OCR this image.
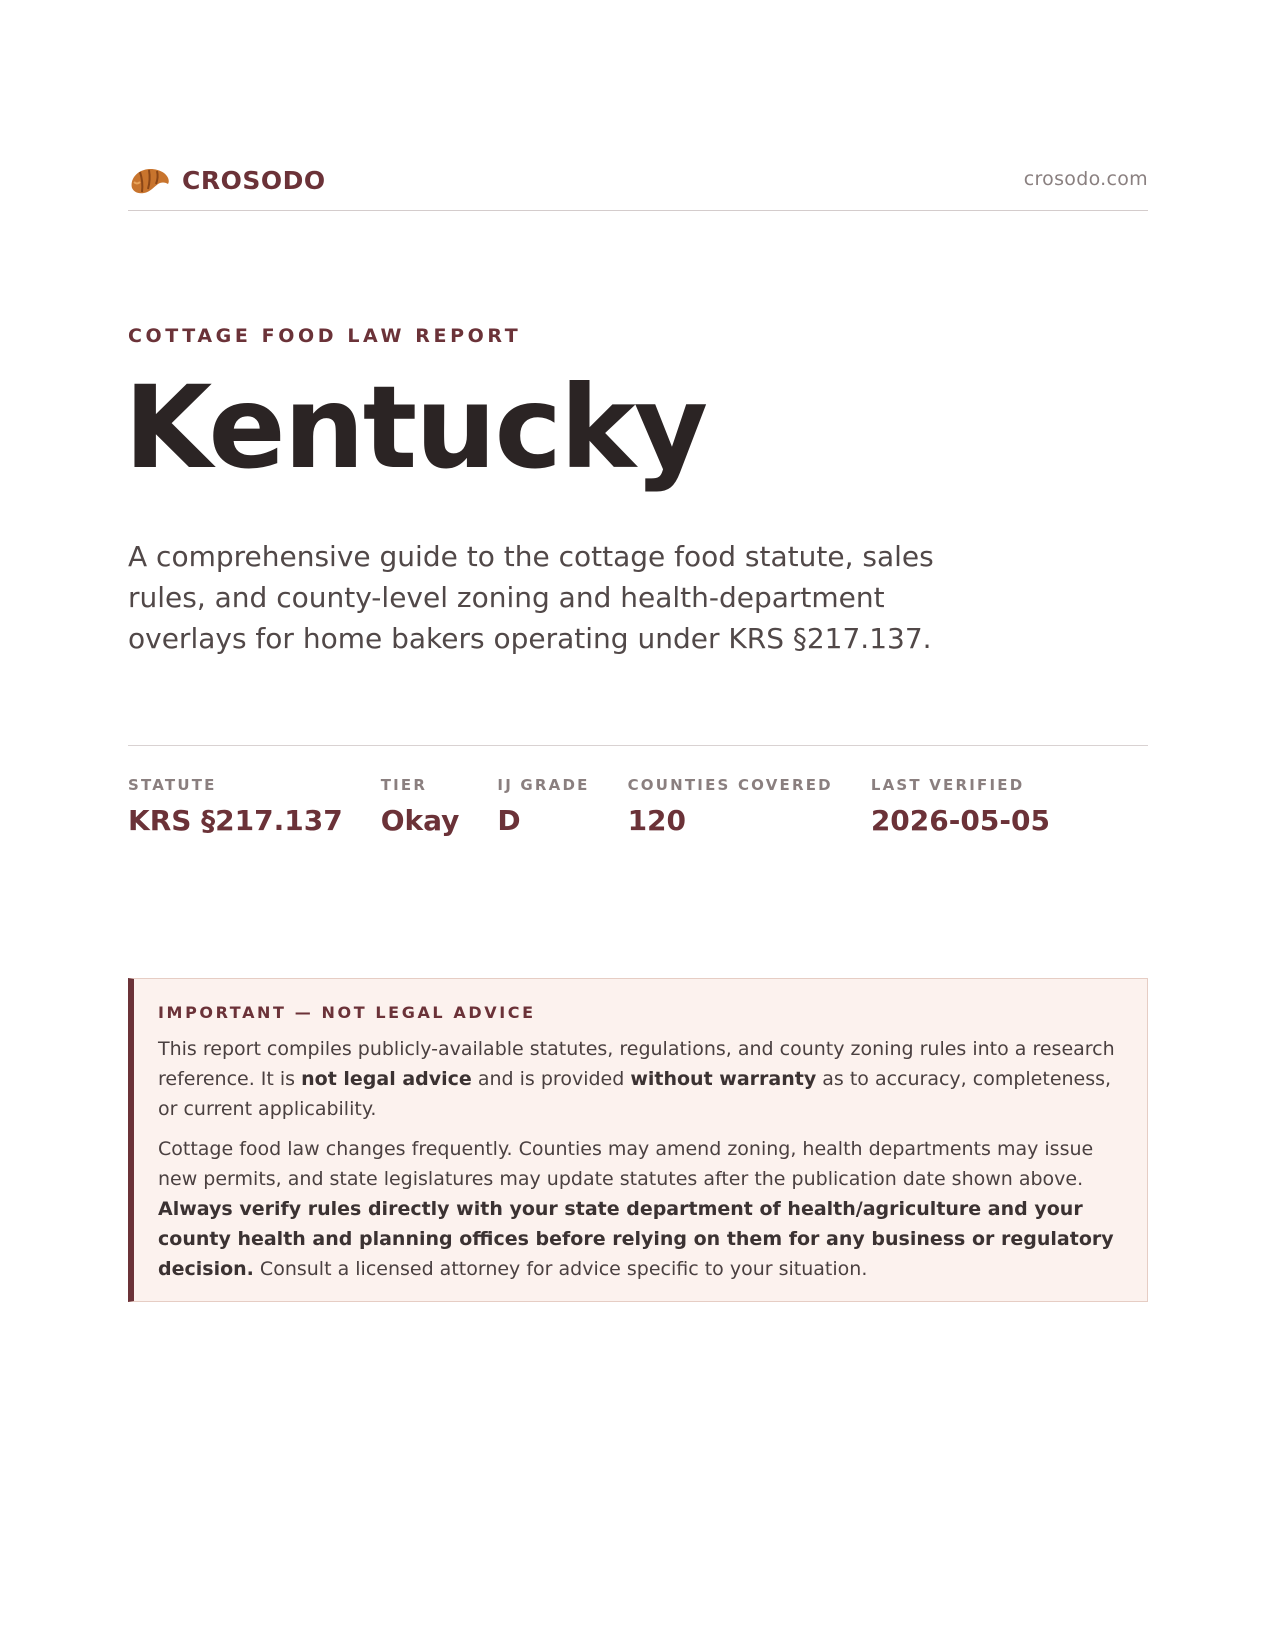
CROSODO	crosodo.com
COTTAGE FOOD LAW REPORT
Kentucky
A comprehensive guide to the cottage food statute, sales rules, and county-level zoning and health-department overlays for home bakers operating under KRS §217.137.
STATUTE
KRS §217.137
TIER
Okay
IJ GRADE
D
COUNTIES COVERED
120
LAST VERIFIED
2026-05-05
IMPORTANT — NOT LEGAL ADVICE

This report compiles publicly-available statutes, regulations, and county zoning rules into a research reference. It is not legal advice and is provided without warranty as to accuracy, completeness, or current applicability.

Cottage food law changes frequently. Counties may amend zoning, health departments may issue new permits, and state legislatures may update statutes after the publication date shown above. Always verify rules directly with your state department of health/agriculture and your county health and planning offices before relying on them for any business or regulatory decision. Consult a licensed attorney for advice specific to your situation.
